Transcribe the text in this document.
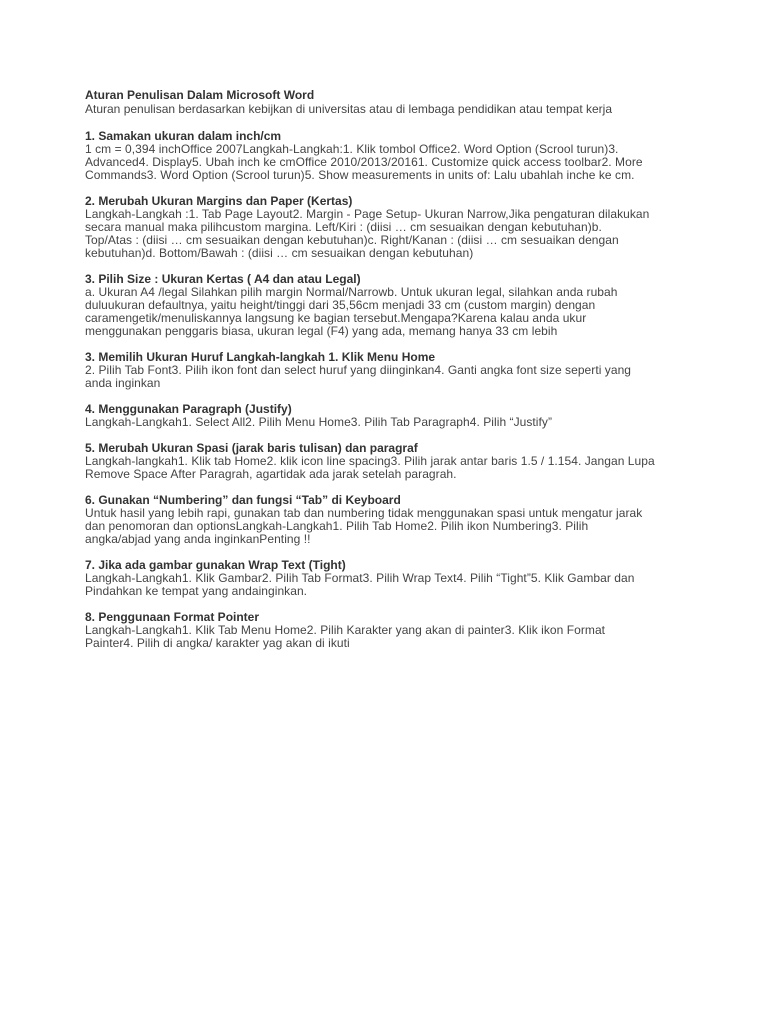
Aturan Penulisan Dalam Microsoft Word
Aturan penulisan berdasarkan kebijkan di universitas atau di lembaga pendidikan atau tempat kerja
1. Samakan ukuran dalam inch/cm
1 cm = 0,394 inchOffice 2007Langkah-Langkah:1. Klik tombol Office2. Word Option (Scrool turun)3.
Advanced4. Display5. Ubah inch ke cmOffice 2010/2013/20161. Customize quick access toolbar2. More
Commands3. Word Option (Scrool turun)5. Show measurements in units of: Lalu ubahlah inche ke cm.
2. Merubah Ukuran Margins dan Paper (Kertas)
Langkah-Langkah :1. Tab Page Layout2. Margin - Page Setup- Ukuran Narrow,Jika pengaturan dilakukan
secara manual maka pilihcustom margina. Left/Kiri : (diisi … cm sesuaikan dengan kebutuhan)b.
Top/Atas : (diisi … cm sesuaikan dengan kebutuhan)c. Right/Kanan : (diisi … cm sesuaikan dengan
kebutuhan)d. Bottom/Bawah : (diisi … cm sesuaikan dengan kebutuhan)
3. Pilih Size : Ukuran Kertas ( A4 dan atau Legal)
a. Ukuran A4 /legal Silahkan pilih margin Normal/Narrowb. Untuk ukuran legal, silahkan anda rubah
duluukuran defaultnya, yaitu height/tinggi dari 35,56cm menjadi 33 cm (custom margin) dengan
caramengetik/menuliskannya langsung ke bagian tersebut.Mengapa?Karena kalau anda ukur
menggunakan penggaris biasa, ukuran legal (F4) yang ada, memang hanya 33 cm lebih
3. Memilih Ukuran Huruf Langkah-langkah 1. Klik Menu Home
2. Pilih Tab Font3. Pilih ikon font dan select huruf yang diinginkan4. Ganti angka font size seperti yang
anda inginkan
4. Menggunakan Paragraph (Justify)
Langkah-Langkah1. Select All2. Pilih Menu Home3. Pilih Tab Paragraph4. Pilih “Justify”
5. Merubah Ukuran Spasi (jarak baris tulisan) dan paragraf
Langkah-langkah1. Klik tab Home2. klik icon line spacing3. Pilih jarak antar baris 1.5 / 1.154. Jangan Lupa
Remove Space After Paragrah, agartidak ada jarak setelah paragrah.
6. Gunakan “Numbering” dan fungsi “Tab” di Keyboard
Untuk hasil yang lebih rapi, gunakan tab dan numbering tidak menggunakan spasi untuk mengatur jarak
dan penomoran dan optionsLangkah-Langkah1. Pilih Tab Home2. Pilih ikon Numbering3. Pilih
angka/abjad yang anda inginkanPenting !!
7. Jika ada gambar gunakan Wrap Text (Tight)
Langkah-Langkah1. Klik Gambar2. Pilih Tab Format3. Pilih Wrap Text4. Pilih “Tight”5. Klik Gambar dan
Pindahkan ke tempat yang andainginkan.
8. Penggunaan Format Pointer
Langkah-Langkah1. Klik Tab Menu Home2. Pilih Karakter yang akan di painter3. Klik ikon Format
Painter4. Pilih di angka/ karakter yag akan di ikuti
